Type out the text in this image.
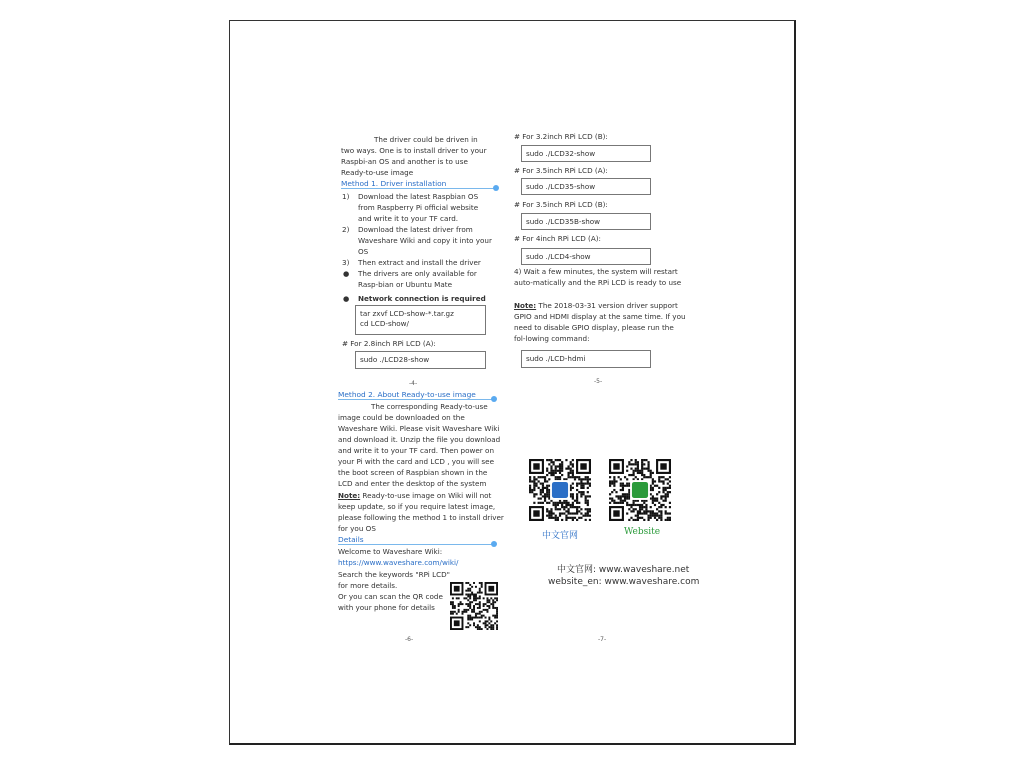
The driver could be driven in two ways. One is to install driver to your Raspbi-an OS and another is to use Ready-to-use image
Method 1. Driver installation
1) Download the latest Raspbian OS from Raspberry Pi official website and write it to your TF card.
2) Download the latest driver from Waveshare Wiki and copy it into your OS
3) Then extract and install the driver
● The drivers are only available for Rasp-bian or Ubuntu Mate
● Network connection is required
tar zxvf LCD-show-*.tar.gz
cd LCD-show/
# For 2.8inch RPi LCD (A):
sudo ./LCD28-show
-4-
# For 3.2inch RPi LCD (B):
sudo ./LCD32-show
# For 3.5inch RPi LCD (A):
sudo ./LCD35-show
# For 3.5inch RPi LCD (B):
sudo ./LCD35B-show
# For 4inch RPi LCD (A):
sudo ./LCD4-show
4) Wait a few minutes, the system will restart auto-matically and the RPi LCD is ready to use
Note: The 2018-03-31 version driver support GPIO and HDMI display at the same time. If you need to disable GPIO display, please run the fol-lowing command:
sudo ./LCD-hdmi
-5-
Method 2. About Ready-to-use image
The corresponding Ready-to-use image could be downloaded on the Waveshare Wiki. Please visit Waveshare Wiki and download it. Unzip the file you download and write it to your TF card. Then power on your Pi with the card and LCD , you will see the boot screen of Raspbian shown in the LCD and enter the desktop of the system
Note: Ready-to-use image on Wiki will not keep update, so if you require latest image, please following the method 1 to install driver for you OS
Details
Welcome to Waveshare Wiki:
https://www.waveshare.com/wiki/
Search the keywords "RPi LCD"
for more details.
Or you can scan the QR code
with your phone for details
-6-
中文官网	Website
中文官网: www.waveshare.net
website_en: www.waveshare.com
-7-
